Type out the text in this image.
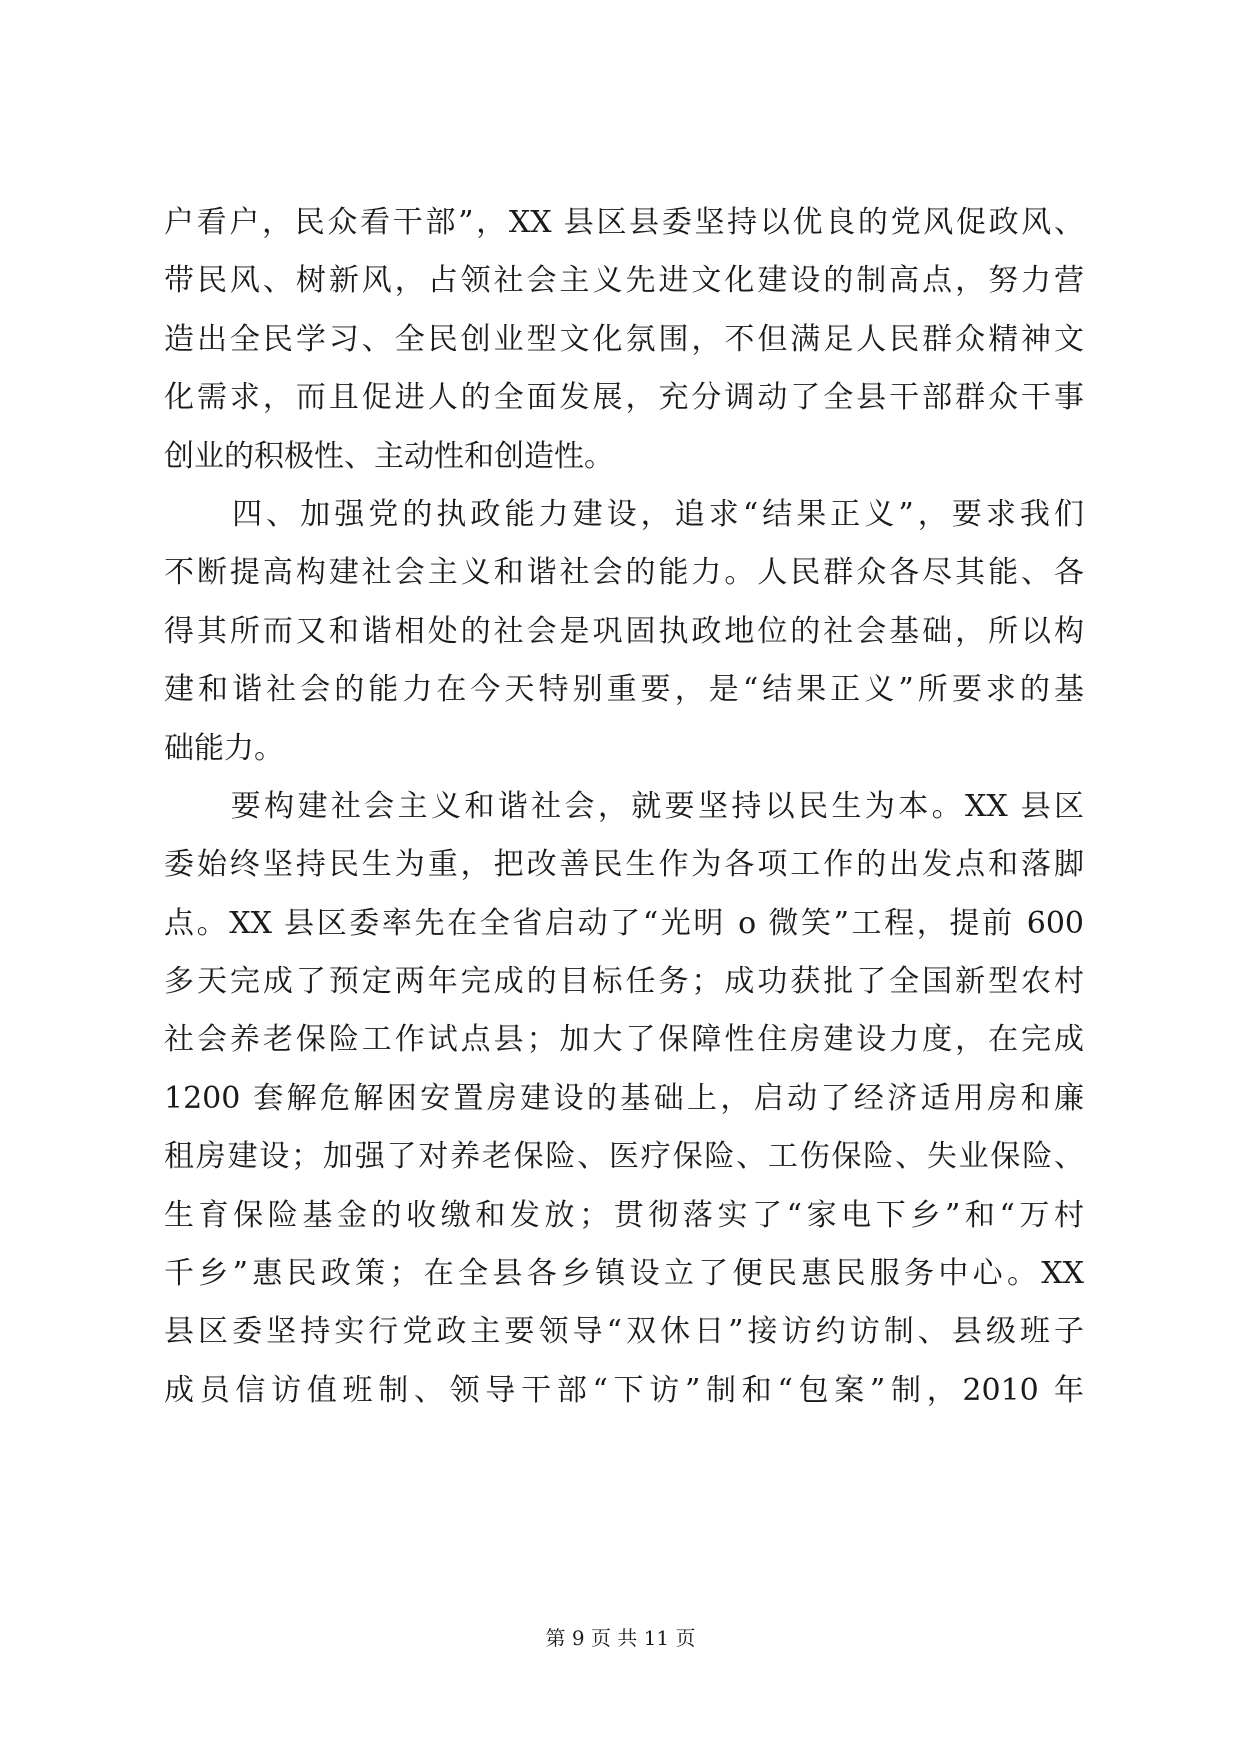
户看户，民众看干部”，XX 县区县委坚持以优良的党风促政风、
带民风、树新风，占领社会主义先进文化建设的制高点，努力营
造出全民学习、全民创业型文化氛围，不但满足人民群众精神文
化需求，而且促进人的全面发展，充分调动了全县干部群众干事
创业的积极性、主动性和创造性。
　　四、加强党的执政能力建设，追求“结果正义”，要求我们
不断提高构建社会主义和谐社会的能力。人民群众各尽其能、各
得其所而又和谐相处的社会是巩固执政地位的社会基础，所以构
建和谐社会的能力在今天特别重要，是“结果正义”所要求的基
础能力。
　　要构建社会主义和谐社会，就要坚持以民生为本。XX 县区
委始终坚持民生为重，把改善民生作为各项工作的出发点和落脚
点。XX 县区委率先在全省启动了“光明 o 微笑”工程，提前 600
多天完成了预定两年完成的目标任务；成功获批了全国新型农村
社会养老保险工作试点县；加大了保障性住房建设力度，在完成
1200 套解危解困安置房建设的基础上，启动了经济适用房和廉
租房建设；加强了对养老保险、医疗保险、工伤保险、失业保险、
生育保险基金的收缴和发放；贯彻落实了“家电下乡”和“万村
千乡”惠民政策；在全县各乡镇设立了便民惠民服务中心。XX
县区委坚持实行党政主要领导“双休日”接访约访制、县级班子
成员信访值班制、领导干部“下访”制和“包案”制，2010 年
第 9 页 共 11 页
